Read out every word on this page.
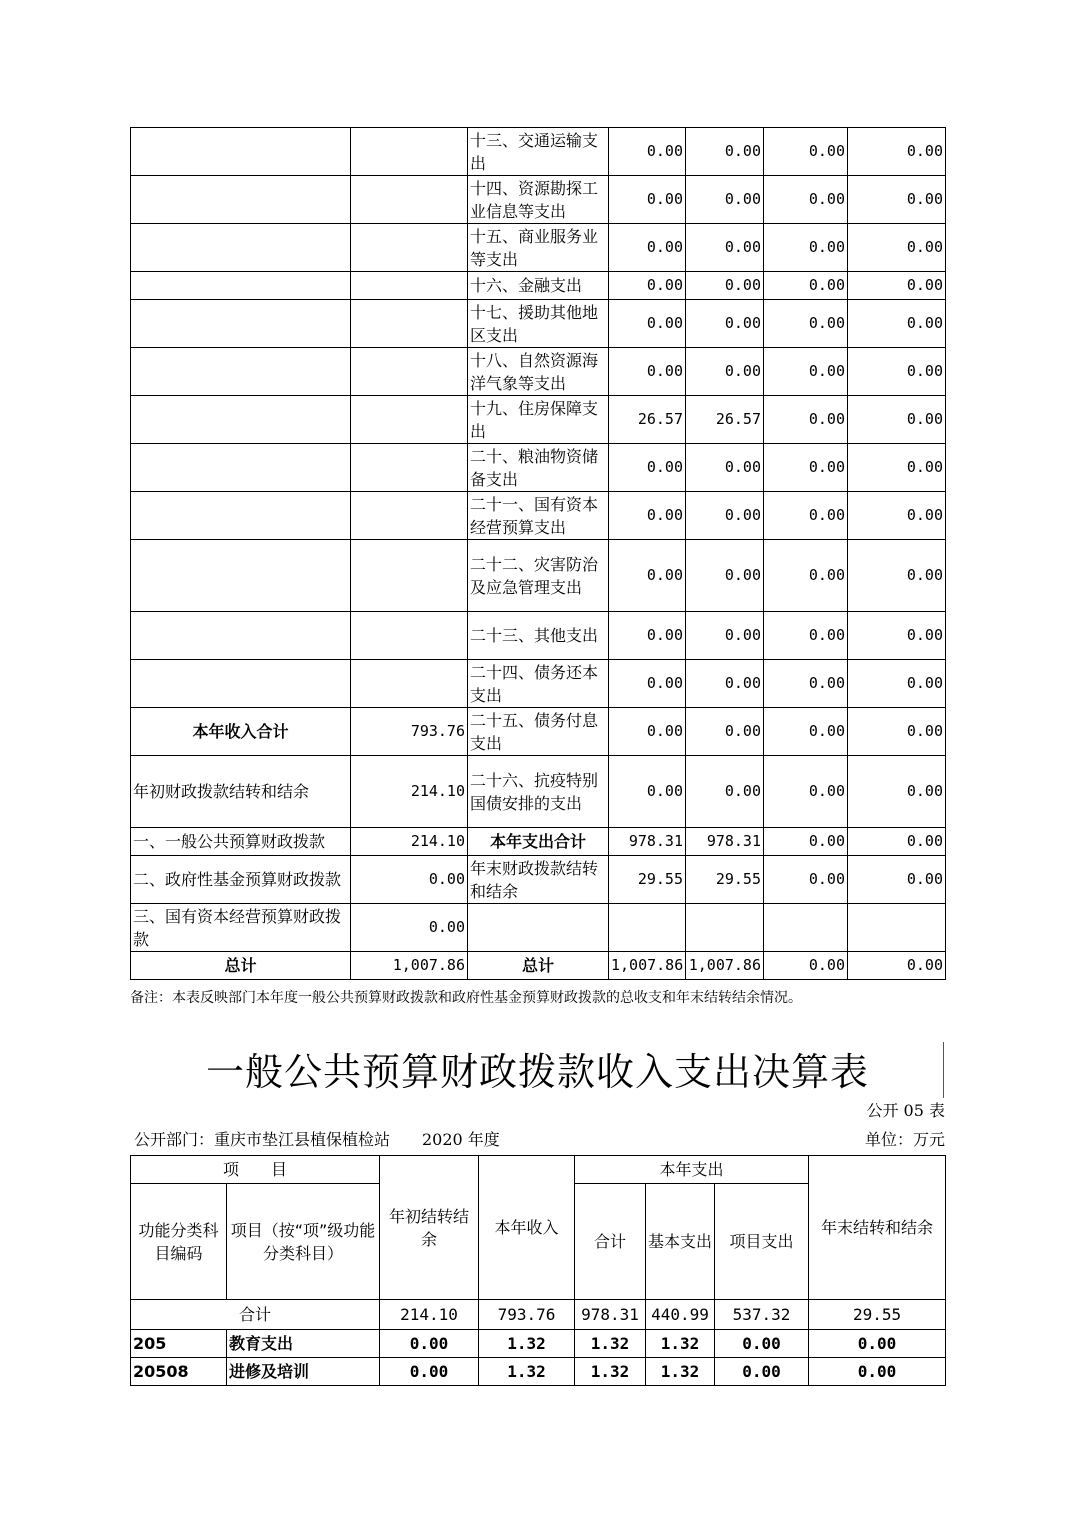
		十三、交通运输支出	0.00	0.00	0.00	0.00
		十四、资源勘探工业信息等支出	0.00	0.00	0.00	0.00
		十五、商业服务业等支出	0.00	0.00	0.00	0.00
		十六、金融支出	0.00	0.00	0.00	0.00
		十七、援助其他地区支出	0.00	0.00	0.00	0.00
		十八、自然资源海洋气象等支出	0.00	0.00	0.00	0.00
		十九、住房保障支出	26.57	26.57	0.00	0.00
		二十、粮油物资储备支出	0.00	0.00	0.00	0.00
		二十一、国有资本经营预算支出	0.00	0.00	0.00	0.00
		二十二、灾害防治及应急管理支出	0.00	0.00	0.00	0.00
		二十三、其他支出	0.00	0.00	0.00	0.00
		二十四、债务还本支出	0.00	0.00	0.00	0.00
本年收入合计	793.76	二十五、债务付息支出	0.00	0.00	0.00	0.00
年初财政拨款结转和结余	214.10	二十六、抗疫特别国债安排的支出	0.00	0.00	0.00	0.00
一、一般公共预算财政拨款	214.10	本年支出合计	978.31	978.31	0.00	0.00
二、政府性基金预算财政拨款	0.00	年末财政拨款结转和结余	29.55	29.55	0.00	0.00
三、国有资本经营预算财政拨款	0.00					
总计	1,007.86	总计	1,007.86	1,007.86	0.00	0.00
备注：本表反映部门本年度一般公共预算财政拨款和政府性基金预算财政拨款的总收支和年末结转结余情况。
一般公共预算财政拨款收入支出决算表
公开 05 表
公开部门：重庆市垫江县植保植检站　　2020 年度	单位：万元
项　　目		年初结转结余	本年收入	本年支出			年末结转和结余
功能分类科目编码	项目（按“项”级功能分类科目）			合计	基本支出	项目支出	
合计		214.10	793.76	978.31	440.99	537.32	29.55
205	教育支出	0.00	1.32	1.32	1.32	0.00	0.00
20508	进修及培训	0.00	1.32	1.32	1.32	0.00	0.00
